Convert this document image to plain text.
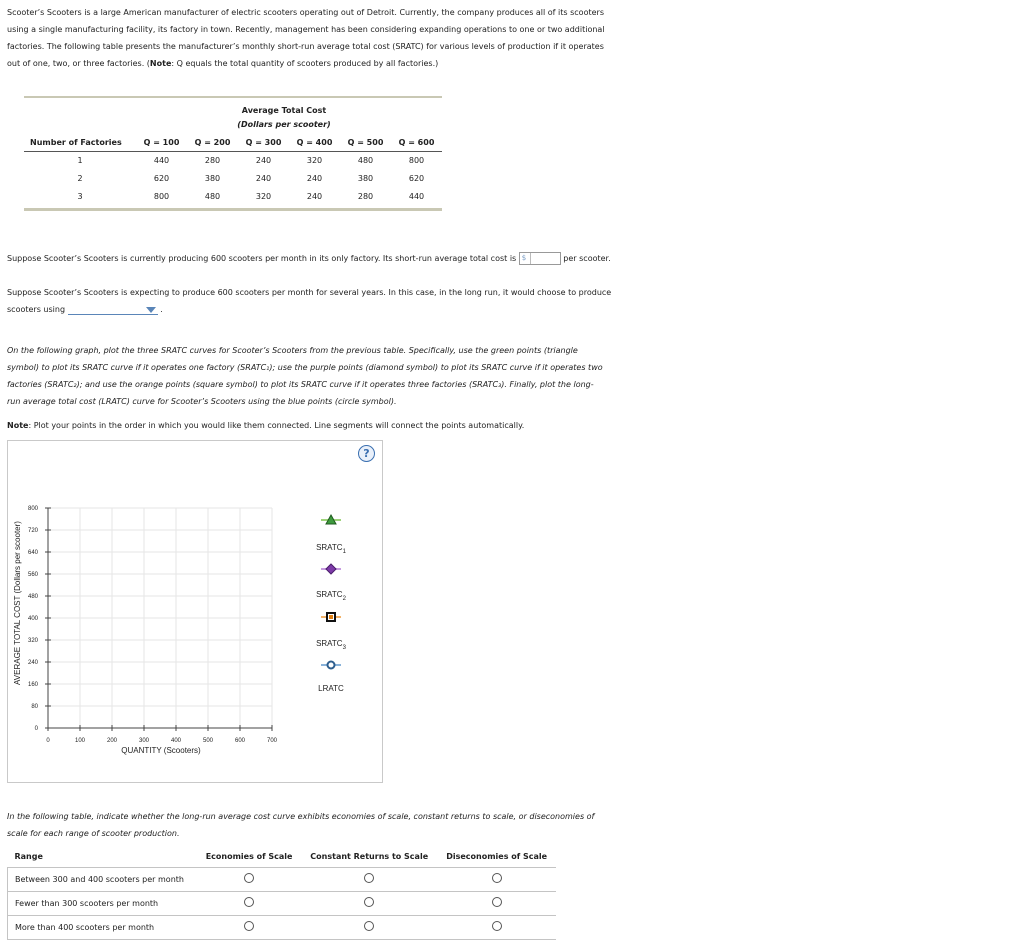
Scooter’s Scooters is a large American manufacturer of electric scooters operating out of Detroit. Currently, the company produces all of its scooters
using a single manufacturing facility, its factory in town. Recently, management has been considering expanding operations to one or two additional
factories. The following table presents the manufacturer’s monthly short-run average total cost (SRATC) for various levels of production if it operates
out of one, two, or three factories. (Note: Q equals the total quantity of scooters produced by all factories.)
Average Total Cost
(Dollars per scooter)
Number of Factories	Q = 100	Q = 200	Q = 300	Q = 400	Q = 500	Q = 600
1	440	280	240	320	480	800
2	620	380	240	240	380	620
3	800	480	320	240	280	440
Suppose Scooter’s Scooters is currently producing 600 scooters per month in its only factory. Its short-run average total cost is $	per scooter.
Suppose Scooter’s Scooters is expecting to produce 600 scooters per month for several years. In this case, in the long run, it would choose to produce
scooters using	.
On the following graph, plot the three SRATC curves for Scooter’s Scooters from the previous table. Specifically, use the green points (triangle
symbol) to plot its SRATC curve if it operates one factory (SRATC₁); use the purple points (diamond symbol) to plot its SRATC curve if it operates two
factories (SRATC₂); and use the orange points (square symbol) to plot its SRATC curve if it operates three factories (SRATC₃). Finally, plot the long-
run average total cost (LRATC) curve for Scooter’s Scooters using the blue points (circle symbol).
Note: Plot your points in the order in which you would like them connected. Line segments will connect the points automatically.
?
AVERAGE TOTAL COST (Dollars per scooter)
QUANTITY (Scooters)
0	100	200	300	400	500	600	700
0
80
160
240
320
400
480
560
640
720
800
$SRATC_1$
$SRATC_2$
$SRATC_3$
LRATC
In the following table, indicate whether the long-run average cost curve exhibits economies of scale, constant returns to scale, or diseconomies of
scale for each range of scooter production.
Range	Economies of Scale	Constant Returns to Scale	Diseconomies of Scale
Between 300 and 400 scooters per month			
Fewer than 300 scooters per month			
More than 400 scooters per month			
